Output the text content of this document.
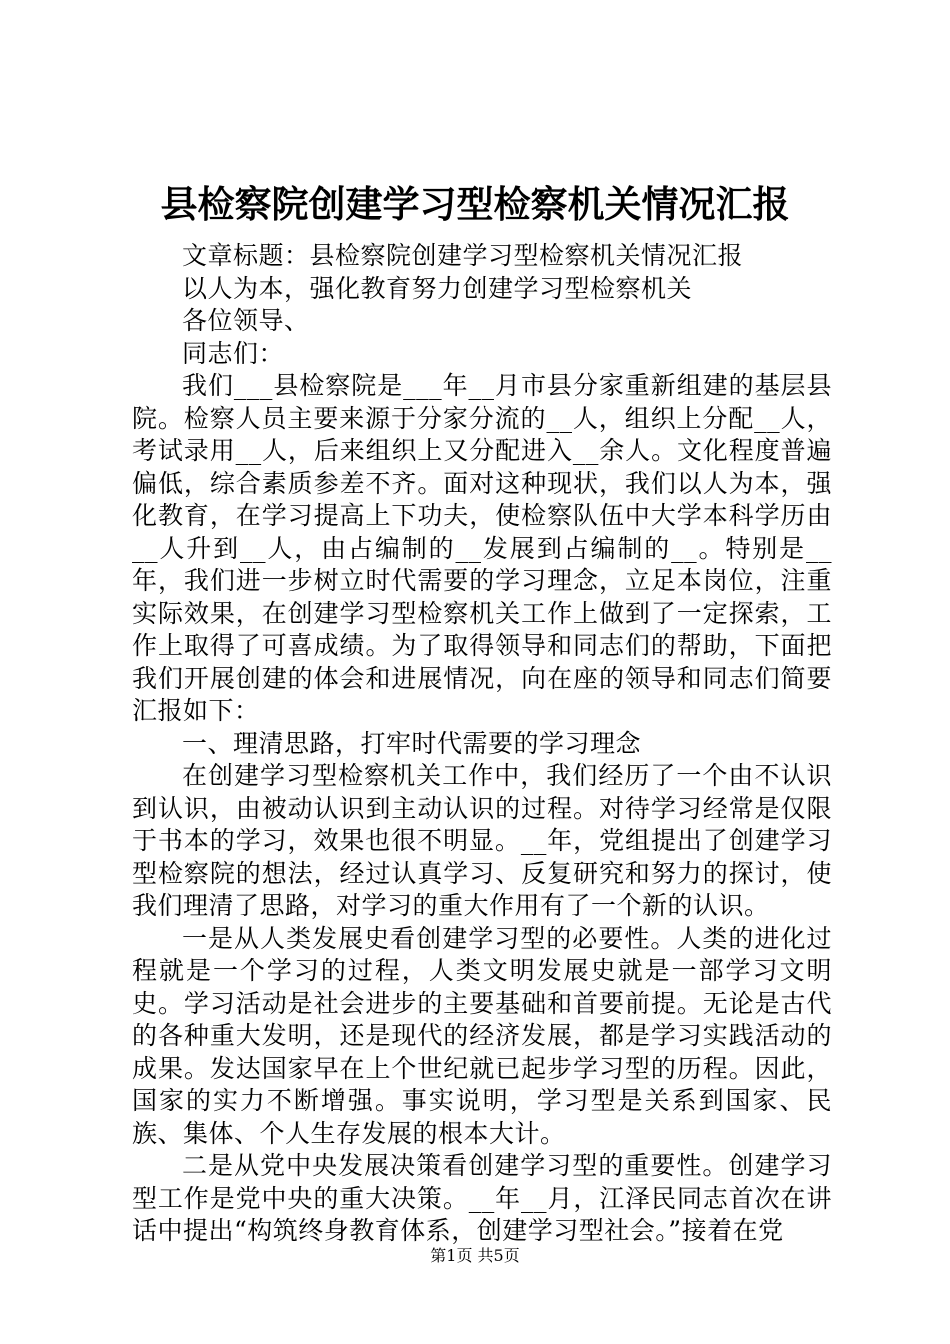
县检察院创建学习型检察机关情况汇报

文章标题：县检察院创建学习型检察机关情况汇报

以人为本，强化教育努力创建学习型检察机关

各位领导、

同志们：

我们___县检察院是___年__月市县分家重新组建的基层县院。检察人员主要来源于分家分流的__人，组织上分配__人，考试录用__人，后来组织上又分配进入__余人。文化程度普遍偏低，综合素质参差不齐。面对这种现状，我们以人为本，强化教育，在学习提高上下功夫，使检察队伍中大学本科学历由__人升到__人，由占编制的__发展到占编制的__。特别是__年，我们进一步树立时代需要的学习理念，立足本岗位，注重实际效果，在创建学习型检察机关工作上做到了一定探索，工作上取得了可喜成绩。为了取得领导和同志们的帮助，下面把我们开展创建的体会和进展情况，向在座的领导和同志们简要汇报如下：

一、理清思路，打牢时代需要的学习理念

在创建学习型检察机关工作中，我们经历了一个由不认识到认识，由被动认识到主动认识的过程。对待学习经常是仅限于书本的学习，效果也很不明显。__年，党组提出了创建学习型检察院的想法，经过认真学习、反复研究和努力的探讨，使我们理清了思路，对学习的重大作用有了一个新的认识。

一是从人类发展史看创建学习型的必要性。人类的进化过程就是一个学习的过程，人类文明发展史就是一部学习文明史。学习活动是社会进步的主要基础和首要前提。无论是古代的各种重大发明，还是现代的经济发展，都是学习实践活动的成果。发达国家早在上个世纪就已起步学习型的历程。因此，国家的实力不断增强。事实说明，学习型是关系到国家、民族、集体、个人生存发展的根本大计。

二是从党中央发展决策看创建学习型的重要性。创建学习型工作是党中央的重大决策。__年__月，江泽民同志首次在讲话中提出“构筑终身教育体系，创建学习型社会。”接着在党

第1页 共5页
